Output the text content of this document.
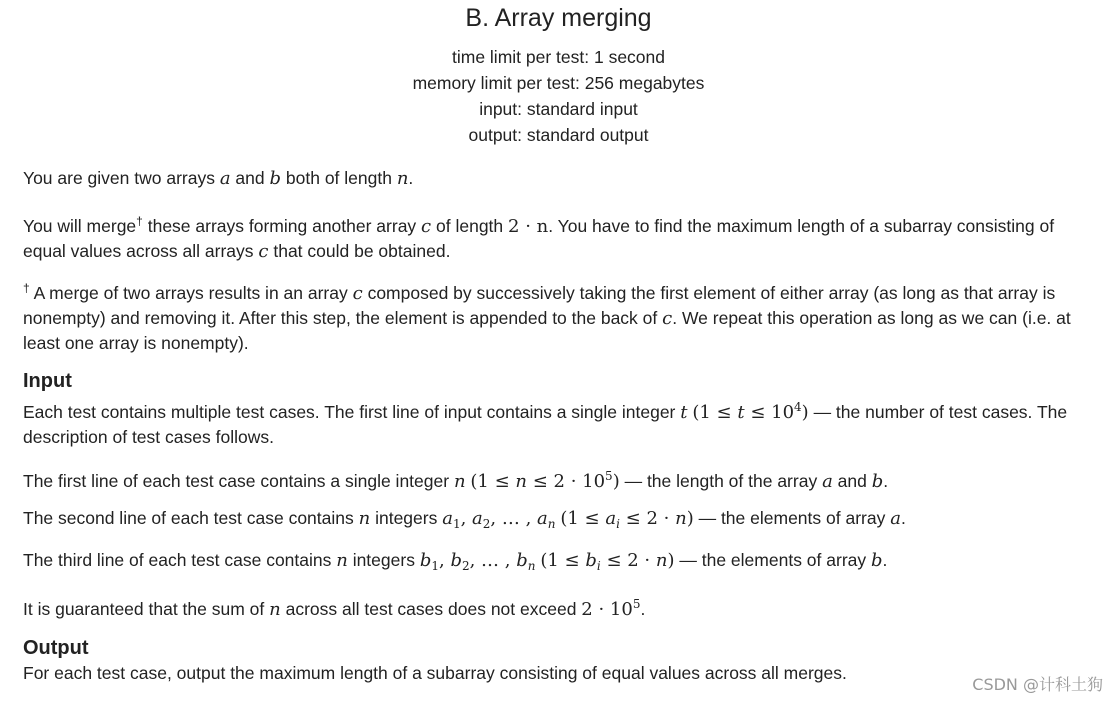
B. Array merging
time limit per test: 1 second
memory limit per test: 256 megabytes
input: standard input
output: standard output
You are given two arrays a and b both of length n.
You will merge† these arrays forming another array c of length 2 · n. You have to find the maximum length of a subarray consisting of equal values across all arrays c that could be obtained.
† A merge of two arrays results in an array c composed by successively taking the first element of either array (as long as that array is nonempty) and removing it. After this step, the element is appended to the back of c. We repeat this operation as long as we can (i.e. at least one array is nonempty).
Input
Each test contains multiple test cases. The first line of input contains a single integer t $(1 \le t \le 10^4)$ — the number of test cases. The description of test cases follows.
The first line of each test case contains a single integer n $(1 \le n \le 2 \cdot 10^5)$ — the length of the array a and b.
The second line of each test case contains n integers $a_1$, $a_2$, … , $a_n$ $(1 \le a_i \le 2 \cdot n)$ — the elements of array a.
The third line of each test case contains n integers $b_1$, $b_2$, … , $b_n$ $(1 \le b_i \le 2 \cdot n)$ — the elements of array b.
It is guaranteed that the sum of n across all test cases does not exceed $2 \cdot 10^5$.
Output
For each test case, output the maximum length of a subarray consisting of equal values across all merges.
CSDN @计科土狗
